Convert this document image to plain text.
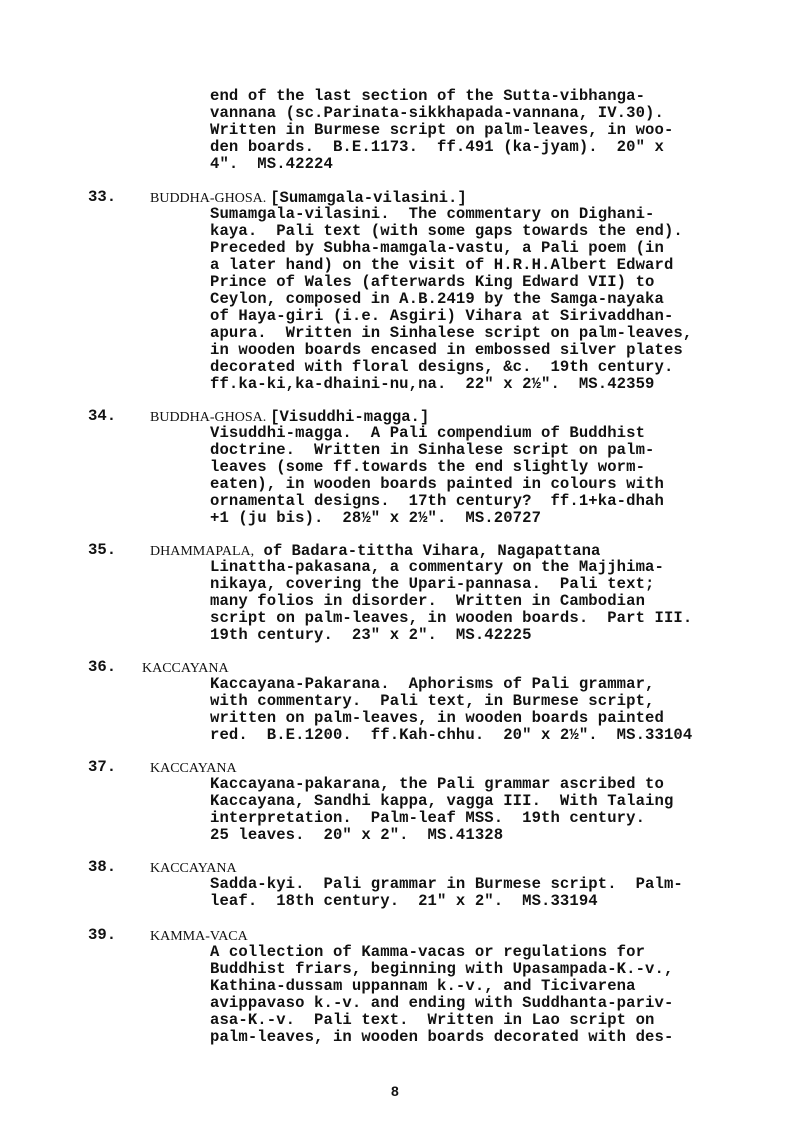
end of the last section of the Sutta-vibhanga-
vannana (sc.Parinata-sikkhapada-vannana, IV.30).
Written in Burmese script on palm-leaves, in woo-
den boards.  B.E.1173.  ff.491 (ka-jyam).  20" x
4".  MS.42224
33. BUDDHA-GHOSA. [Sumamgala-vilasini.]
Sumamgala-vilasini.  The commentary on Dighani-
kaya.  Pali text (with some gaps towards the end).
Preceded by Subha-mamgala-vastu, a Pali poem (in
a later hand) on the visit of H.R.H.Albert Edward
Prince of Wales (afterwards King Edward VII) to
Ceylon, composed in A.B.2419 by the Samga-nayaka
of Haya-giri (i.e. Asgiri) Vihara at Sirivaddhan-
apura.  Written in Sinhalese script on palm-leaves,
in wooden boards encased in embossed silver plates
decorated with floral designs, &c.  19th century.
ff.ka-ki,ka-dhaini-nu,na.  22" x 2½".  MS.42359
34. BUDDHA-GHOSA. [Visuddhi-magga.]
Visuddhi-magga.  A Pali compendium of Buddhist
doctrine.  Written in Sinhalese script on palm-
leaves (some ff.towards the end slightly worm-
eaten), in wooden boards painted in colours with
ornamental designs.  17th century?  ff.1+ka-dhah
+1 (ju bis).  28½" x 2½".  MS.20727
35. DHAMMAPALA, of Badara-tittha Vihara, Nagapattana
Linattha-pakasana, a commentary on the Majjhima-
nikaya, covering the Upari-pannasa.  Pali text;
many folios in disorder.  Written in Cambodian
script on palm-leaves, in wooden boards.  Part III.
19th century.  23" x 2".  MS.42225
36. KACCAYANA
Kaccayana-Pakarana.  Aphorisms of Pali grammar,
with commentary.  Pali text, in Burmese script,
written on palm-leaves, in wooden boards painted
red.  B.E.1200.  ff.Kah-chhu.  20" x 2½".  MS.33104
37. KACCAYANA
Kaccayana-pakarana, the Pali grammar ascribed to
Kaccayana, Sandhi kappa, vagga III.  With Talaing
interpretation.  Palm-leaf MSS.  19th century.
25 leaves.  20" x 2".  MS.41328
38. KACCAYANA
Sadda-kyi.  Pali grammar in Burmese script.  Palm-
leaf.  18th century.  21" x 2".  MS.33194
39. KAMMA-VACA
A collection of Kamma-vacas or regulations for
Buddhist friars, beginning with Upasampada-K.-v.,
Kathina-dussam uppannam k.-v., and Ticivarena
avippavaso k.-v. and ending with Suddhanta-pariv-
asa-K.-v.  Pali text.  Written in Lao script on
palm-leaves, in wooden boards decorated with des-
8
